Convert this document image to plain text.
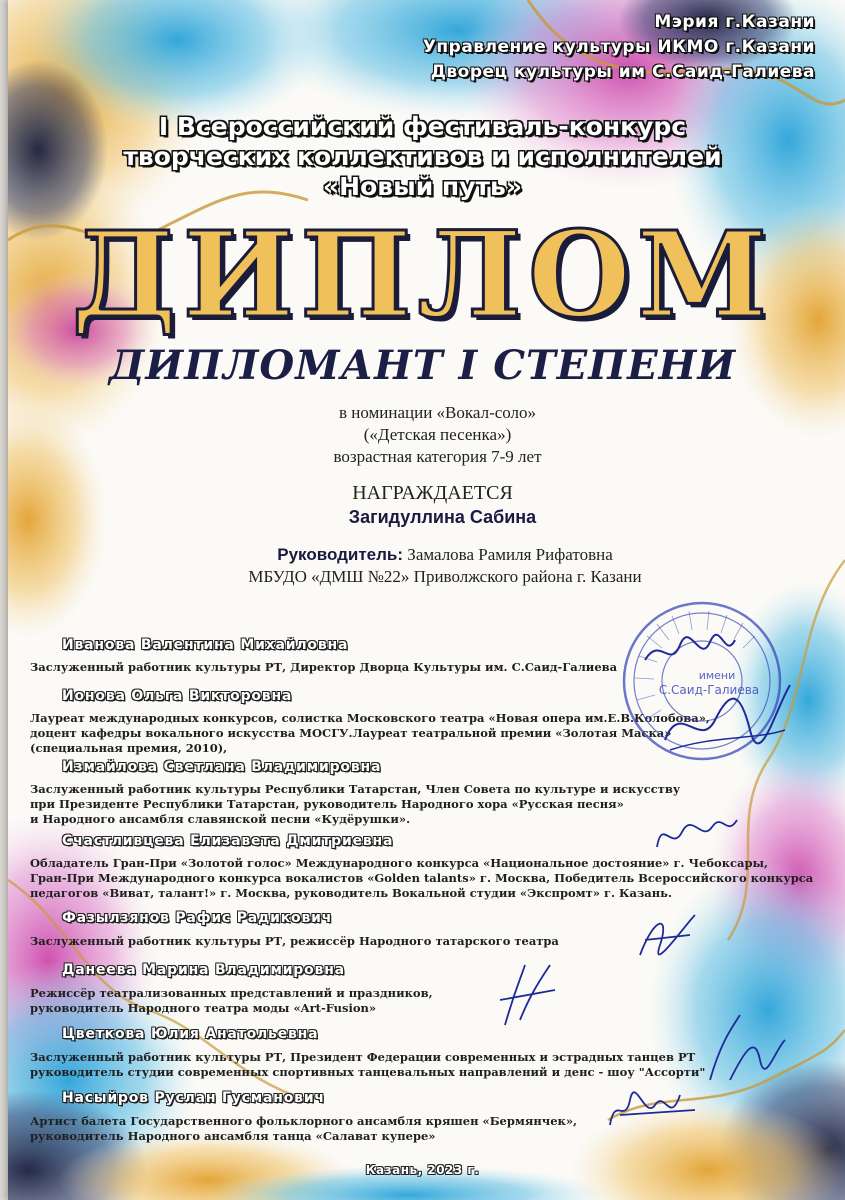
Мэрия г.Казани
Управление культуры ИКМО г.Казани
Дворец культуры им С.Саид-Галиева
I Всероссийский фестиваль-конкурс
творческих коллективов и исполнителей
«Новый путь»
ДИПЛОМ
ДИПЛОМАНТ I СТЕПЕНИ
в номинации «Вокал-соло»
(«Детская песенка»)
возрастная категория 7-9 лет
НАГРАЖДАЕТСЯ
Загидуллина Сабина
Руководитель: Замалова Рамиля Рифатовна
МБУДО «ДМШ №22» Приволжского района г. Казани
Иванова Валентина Михайловна
Заслуженный работник культуры РТ, Директор Дворца Культуры им. С.Саид-Галиева
Ионова Ольга Викторовна
Лауреат международных конкурсов, солистка Московского театра «Новая опера им.Е.В.Колобова»,
доцент кафедры вокального искусства МОСГУ.Лауреат театральной премии «Золотая Маска»
(специальная премия, 2010),
Измайлова Светлана Владимировна
Заслуженный работник культуры Республики Татарстан, Член Совета по культуре и искусству
при Президенте Республики Татарстан, руководитель Народного хора «Русская песня»
и Народного ансамбля славянской песни «Кудёрушки».
Счастливцева Елизавета Дмитриевна
Обладатель Гран-При «Золотой голос» Международного конкурса «Национальное достояние» г. Чебоксары,
Гран-При Международного конкурса вокалистов «Golden talants» г. Москва, Победитель Всероссийского конкурса
педагогов «Виват, талант!» г. Москва, руководитель Вокальной студии «Экспромт» г. Казань.
Фазылзянов Рафис Радикович
Заслуженный работник культуры РТ, режиссёр Народного татарского театра
Данеева Марина Владимировна
Режиссёр театрализованных представлений и праздников,
руководитель Народного театра моды «Art-Fusion»
Цветкова Юлия Анатольевна
Заслуженный работник культуры РТ, Президент Федерации современных и эстрадных танцев РТ
руководитель студии современных спортивных танцевальных направлений и денс - шоу "Ассорти"
Насыйров Руслан Гусманович
Артист балета Государственного фольклорного ансамбля кряшен «Бермянчек»,
руководитель Народного ансамбля танца «Салават купере»
имени
С.Саид-Галиева
Казань, 2023 г.
